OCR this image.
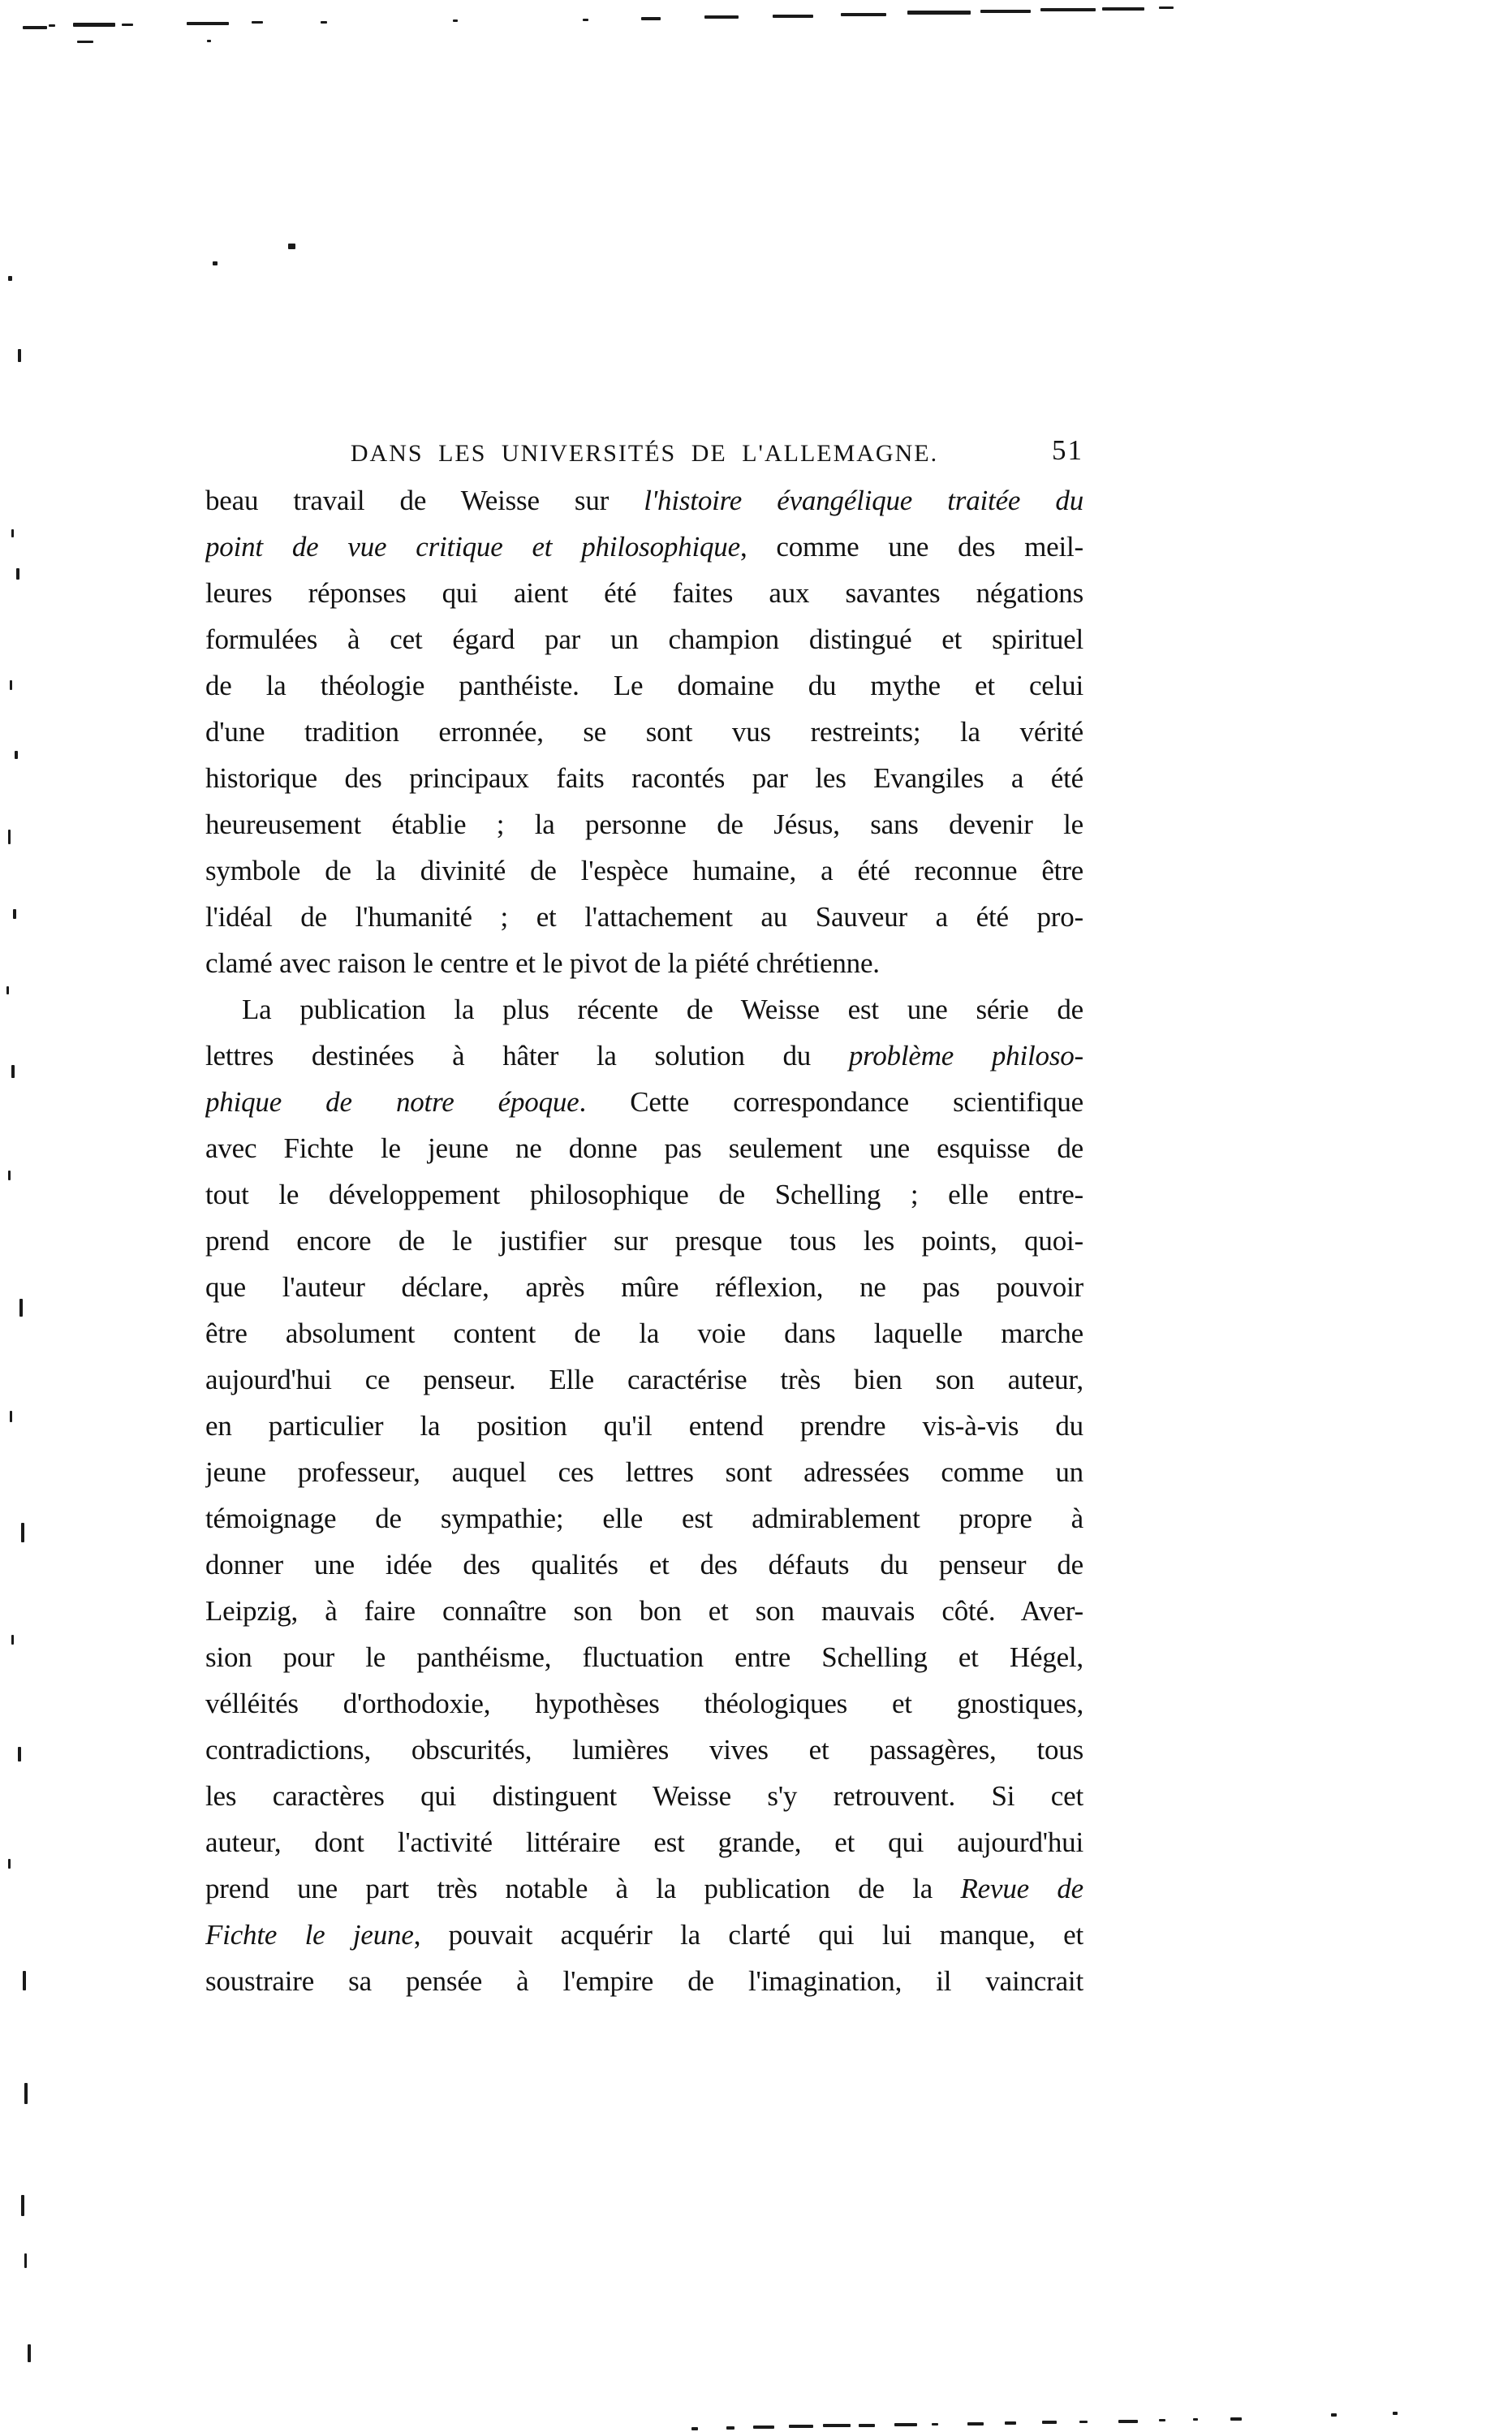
DANS LES UNIVERSITÉS DE L'ALLEMAGNE.	51
beau travail de Weisse sur l'histoire évangélique traitée du
point de vue critique et philosophique, comme une des meil-
leures réponses qui aient été faites aux savantes négations
formulées à cet égard par un champion distingué et spirituel
de la théologie panthéiste. Le domaine du mythe et celui
d'une tradition erronnée, se sont vus restreints; la vérité
historique des principaux faits racontés par les Evangiles a été
heureusement établie ; la personne de Jésus, sans devenir le
symbole de la divinité de l'espèce humaine, a été reconnue être
l'idéal de l'humanité ; et l'attachement au Sauveur a été pro-
clamé avec raison le centre et le pivot de la piété chrétienne.
La publication la plus récente de Weisse est une série de
lettres destinées à hâter la solution du problème philoso-
phique de notre époque. Cette correspondance scientifique
avec Fichte le jeune ne donne pas seulement une esquisse de
tout le développement philosophique de Schelling ; elle entre-
prend encore de le justifier sur presque tous les points, quoi-
que l'auteur déclare, après mûre réflexion, ne pas pouvoir
être absolument content de la voie dans laquelle marche
aujourd'hui ce penseur. Elle caractérise très bien son auteur,
en particulier la position qu'il entend prendre vis-à-vis du
jeune professeur, auquel ces lettres sont adressées comme un
témoignage de sympathie; elle est admirablement propre à
donner une idée des qualités et des défauts du penseur de
Leipzig, à faire connaître son bon et son mauvais côté. Aver-
sion pour le panthéisme, fluctuation entre Schelling et Hégel,
vélléités d'orthodoxie, hypothèses théologiques et gnostiques,
contradictions, obscurités, lumières vives et passagères, tous
les caractères qui distinguent Weisse s'y retrouvent. Si cet
auteur, dont l'activité littéraire est grande, et qui aujourd'hui
prend une part très notable à la publication de la Revue de
Fichte le jeune, pouvait acquérir la clarté qui lui manque, et
soustraire sa pensée à l'empire de l'imagination, il vaincrait
